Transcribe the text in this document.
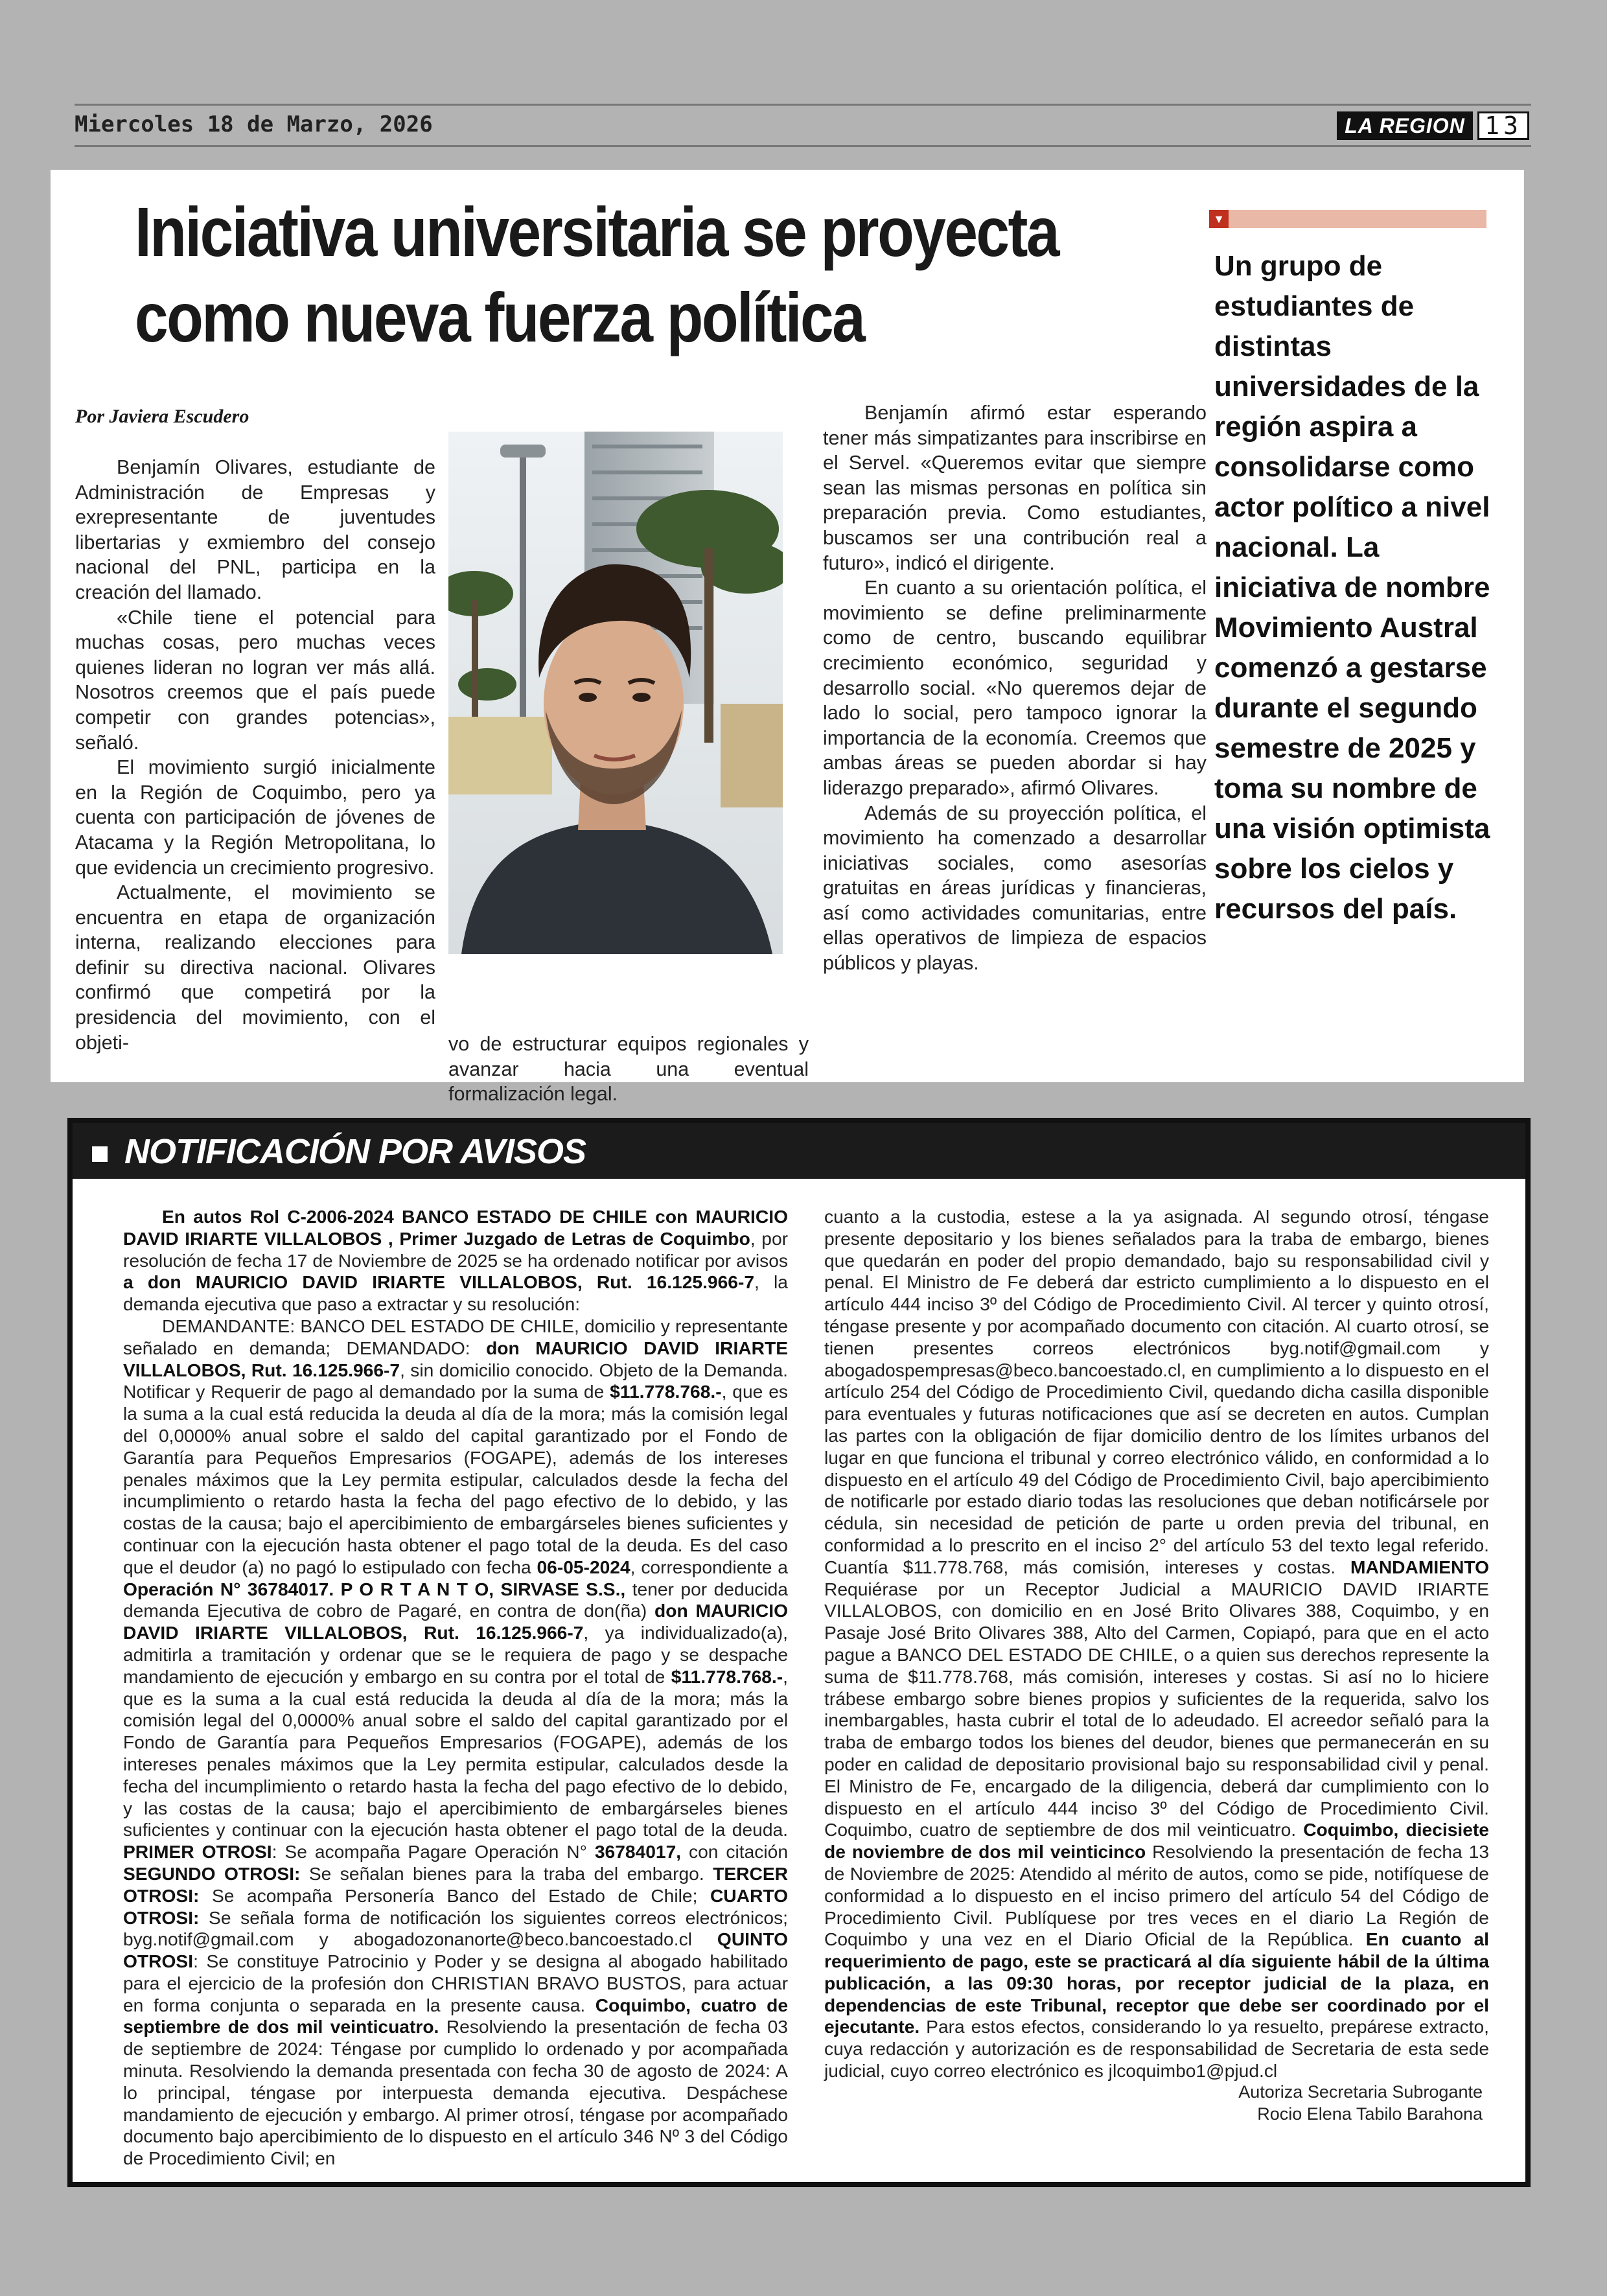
Miercoles 18 de Marzo, 2026	LA REGION 13
Iniciativa universitaria se proyecta
como nueva fuerza política
Por Javiera Escudero

Benjamín Olivares, estudiante de Administración de Empresas y exrepresentante de juventudes libertarias y exmiembro del consejo nacional del PNL, participa en la creación del llamado.

«Chile tiene el potencial para muchas cosas, pero muchas veces quienes lideran no logran ver más allá. Nosotros creemos que el país puede competir con grandes potencias», señaló.

El movimiento surgió inicialmente en la Región de Coquimbo, pero ya cuenta con participación de jóvenes de Atacama y la Región Metropolitana, lo que evidencia un crecimiento progresivo.

Actualmente, el movimiento se encuentra en etapa de organización interna, realizando elecciones para definir su directiva nacional. Olivares confirmó que competirá por la presidencia del movimiento, con el objeti-	vo de estructurar equipos regionales y avanzar hacia una eventual formalización legal.

Benjamín afirmó estar esperando tener más simpatizantes para inscribirse en el Servel. «Queremos evitar que siempre sean las mismas personas en política sin preparación previa. Como estudiantes, buscamos ser una contribución real a futuro», indicó el dirigente.

En cuanto a su orientación política, el movimiento se define preliminarmente como de centro, buscando equilibrar crecimiento económico, seguridad y desarrollo social. «No queremos dejar de lado lo social, pero tampoco ignorar la importancia de la economía. Creemos que ambas áreas se pueden abordar si hay liderazgo preparado», afirmó Olivares.

Además de su proyección política, el movimiento ha comenzado a desarrollar iniciativas sociales, como asesorías gratuitas en áreas jurídicas y financieras, así como actividades comunitarias, entre ellas operativos de limpieza de espacios públicos y playas.

▼
Un grupo de estudiantes de distintas universidades de la región aspira a consolidarse como actor político a nivel nacional. La iniciativa de nombre Movimiento Austral comenzó a gestarse durante el segundo semestre de 2025 y toma su nombre de una visión optimista sobre los cielos y recursos del país.
NOTIFICACIÓN POR AVISOS

En autos Rol C-2006-2024 BANCO ESTADO DE CHILE con MAURICIO DAVID IRIARTE VILLALOBOS , Primer Juzgado de Letras de Coquimbo, por resolución de fecha 17 de Noviembre de 2025 se ha ordenado notificar por avisos a don MAURICIO DAVID IRIARTE VILLALOBOS, Rut. 16.125.966-7, la demanda ejecutiva que paso a extractar y su resolución:

DEMANDANTE: BANCO DEL ESTADO DE CHILE, domicilio y representante señalado en demanda; DEMANDADO: don MAURICIO DAVID IRIARTE VILLALOBOS, Rut. 16.125.966-7, sin domicilio conocido. Objeto de la Demanda. Notificar y Requerir de pago al demandado por la suma de $11.778.768.-, que es la suma a la cual está reducida la deuda al día de la mora; más la comisión legal del 0,0000% anual sobre el saldo del capital garantizado por el Fondo de Garantía para Pequeños Empresarios (FOGAPE), además de los intereses penales máximos que la Ley permita estipular, calculados desde la fecha del incumplimiento o retardo hasta la fecha del pago efectivo de lo debido, y las costas de la causa; bajo el apercibimiento de embargárseles bienes suficientes y continuar con la ejecución hasta obtener el pago total de la deuda. Es del caso que el deudor (a) no pagó lo estipulado con fecha 06-05-2024, correspondiente a Operación N° 36784017. P O R T A N T O, SIRVASE S.S., tener por deducida demanda Ejecutiva de cobro de Pagaré, en contra de don(ña) don MAURICIO DAVID IRIARTE VILLALOBOS, Rut. 16.125.966-7, ya individualizado(a), admitirla a tramitación y ordenar que se le requiera de pago y se despache mandamiento de ejecución y embargo en su contra por el total de $11.778.768.-, que es la suma a la cual está reducida la deuda al día de la mora; más la comisión legal del 0,0000% anual sobre el saldo del capital garantizado por el Fondo de Garantía para Pequeños Empresarios (FOGAPE), además de los intereses penales máximos que la Ley permita estipular, calculados desde la fecha del incumplimiento o retardo hasta la fecha del pago efectivo de lo debido, y las costas de la causa; bajo el apercibimiento de embargárseles bienes suficientes y continuar con la ejecución hasta obtener el pago total de la deuda. PRIMER OTROSI: Se acompaña Pagare Operación N° 36784017, con citación SEGUNDO OTROSI: Se señalan bienes para la traba del embargo. TERCER OTROSI: Se acompaña Personería Banco del Estado de Chile; CUARTO OTROSI: Se señala forma de notificación los siguientes correos electrónicos; byg.notif@gmail.com y abogadozonanorte@beco.bancoestado.cl QUINTO OTROSI: Se constituye Patrocinio y Poder y se designa al abogado habilitado para el ejercicio de la profesión don CHRISTIAN BRAVO BUSTOS, para actuar en forma conjunta o separada en la presente causa. Coquimbo, cuatro de septiembre de dos mil veinticuatro. Resolviendo la presentación de fecha 03 de septiembre de 2024: Téngase por cumplido lo ordenado y por acompañada minuta. Resolviendo la demanda presentada con fecha 30 de agosto de 2024: A lo principal, téngase por interpuesta demanda ejecutiva. Despáchese mandamiento de ejecución y embargo. Al primer otrosí, téngase por acompañado documento bajo apercibimiento de lo dispuesto en el artículo 346 Nº 3 del Código de Procedimiento Civil; en

cuanto a la custodia, estese a la ya asignada. Al segundo otrosí, téngase presente depositario y los bienes señalados para la traba de embargo, bienes que quedarán en poder del propio demandado, bajo su responsabilidad civil y penal. El Ministro de Fe deberá dar estricto cumplimiento a lo dispuesto en el artículo 444 inciso 3º del Código de Procedimiento Civil. Al tercer y quinto otrosí, téngase presente y por acompañado documento con citación. Al cuarto otrosí, se tienen presentes correos electrónicos byg.notif@gmail.com y abogadospempresas@beco.bancoestado.cl, en cumplimiento a lo dispuesto en el artículo 254 del Código de Procedimiento Civil, quedando dicha casilla disponible para eventuales y futuras notificaciones que así se decreten en autos. Cumplan las partes con la obligación de fijar domicilio dentro de los límites urbanos del lugar en que funciona el tribunal y correo electrónico válido, en conformidad a lo dispuesto en el artículo 49 del Código de Procedimiento Civil, bajo apercibimiento de notificarle por estado diario todas las resoluciones que deban notificársele por cédula, sin necesidad de petición de parte u orden previa del tribunal, en conformidad a lo prescrito en el inciso 2° del artículo 53 del texto legal referido. Cuantía $11.778.768, más comisión, intereses y costas. MANDAMIENTO Requiérase por un Receptor Judicial a MAURICIO DAVID IRIARTE VILLALOBOS, con domicilio en en José Brito Olivares 388, Coquimbo, y en Pasaje José Brito Olivares 388, Alto del Carmen, Copiapó, para que en el acto pague a BANCO DEL ESTADO DE CHILE, o a quien sus derechos represente la suma de $11.778.768, más comisión, intereses y costas. Si así no lo hiciere trábese embargo sobre bienes propios y suficientes de la requerida, salvo los inembargables, hasta cubrir el total de lo adeudado. El acreedor señaló para la traba de embargo todos los bienes del deudor, bienes que permanecerán en su poder en calidad de depositario provisional bajo su responsabilidad civil y penal. El Ministro de Fe, encargado de la diligencia, deberá dar cumplimiento con lo dispuesto en el artículo 444 inciso 3º del Código de Procedimiento Civil. Coquimbo, cuatro de septiembre de dos mil veinticuatro. Coquimbo, diecisiete de noviembre de dos mil veinticinco Resolviendo la presentación de fecha 13 de Noviembre de 2025: Atendido al mérito de autos, como se pide, notifíquese de conformidad a lo dispuesto en el inciso primero del artículo 54 del Código de Procedimiento Civil. Publíquese por tres veces en el diario La Región de Coquimbo y una vez en el Diario Oficial de la República. En cuanto al requerimiento de pago, este se practicará al día siguiente hábil de la última publicación, a las 09:30 horas, por receptor judicial de la plaza, en dependencias de este Tribunal, receptor que debe ser coordinado por el ejecutante. Para estos efectos, considerando lo ya resuelto, prepárese extracto, cuya redacción y autorización es de responsabilidad de Secretaria de esta sede judicial, cuyo correo electrónico es jlcoquimbo1@pjud.cl

Autoriza Secretaria Subrogante
Rocio Elena Tabilo Barahona
